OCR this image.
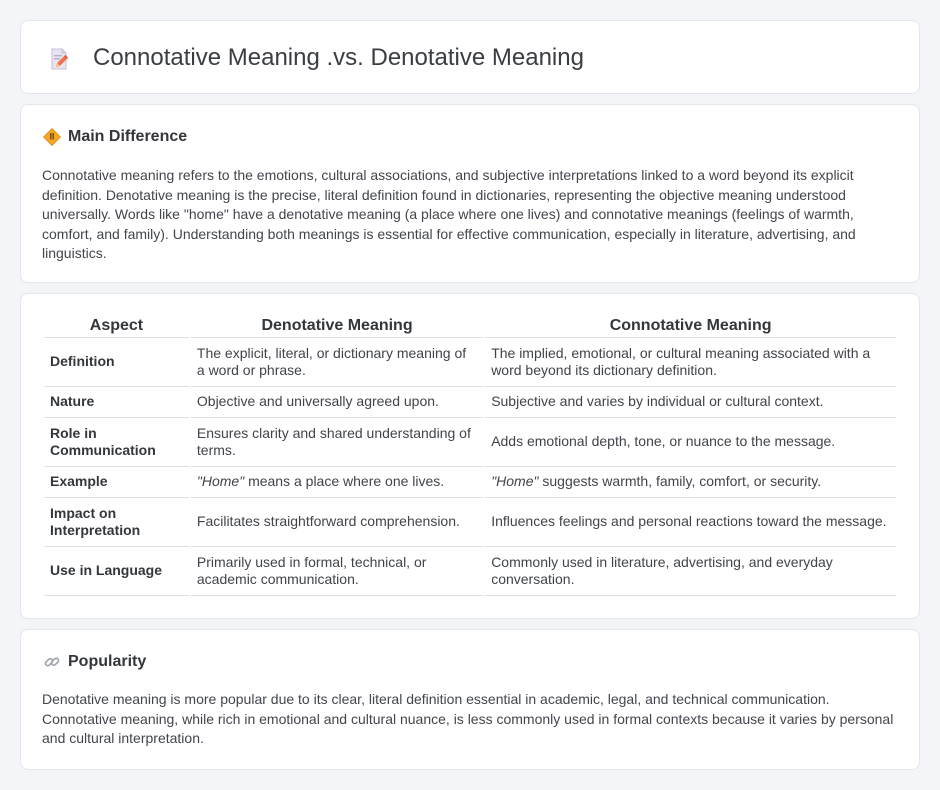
Connotative Meaning .vs. Denotative Meaning
Main Difference

Connotative meaning refers to the emotions, cultural associations, and subjective interpretations linked to a word beyond its explicit definition. Denotative meaning is the precise, literal definition found in dictionaries, representing the objective meaning understood universally. Words like "home" have a denotative meaning (a place where one lives) and connotative meanings (feelings of warmth, comfort, and family). Understanding both meanings is essential for effective communication, especially in literature, advertising, and linguistics.

Aspect	Denotative Meaning	Connotative Meaning
Definition	The explicit, literal, or dictionary meaning of a word or phrase.	The implied, emotional, or cultural meaning associated with a word beyond its dictionary definition.
Nature	Objective and universally agreed upon.	Subjective and varies by individual or cultural context.
Role in Communication	Ensures clarity and shared understanding of terms.	Adds emotional depth, tone, or nuance to the message.
Example	"Home" means a place where one lives.	"Home" suggests warmth, family, comfort, or security.
Impact on Interpretation	Facilitates straightforward comprehension.	Influences feelings and personal reactions toward the message.
Use in Language	Primarily used in formal, technical, or academic communication.	Commonly used in literature, advertising, and everyday conversation.
Popularity

Denotative meaning is more popular due to its clear, literal definition essential in academic, legal, and technical communication. Connotative meaning, while rich in emotional and cultural nuance, is less commonly used in formal contexts because it varies by personal and cultural interpretation.
